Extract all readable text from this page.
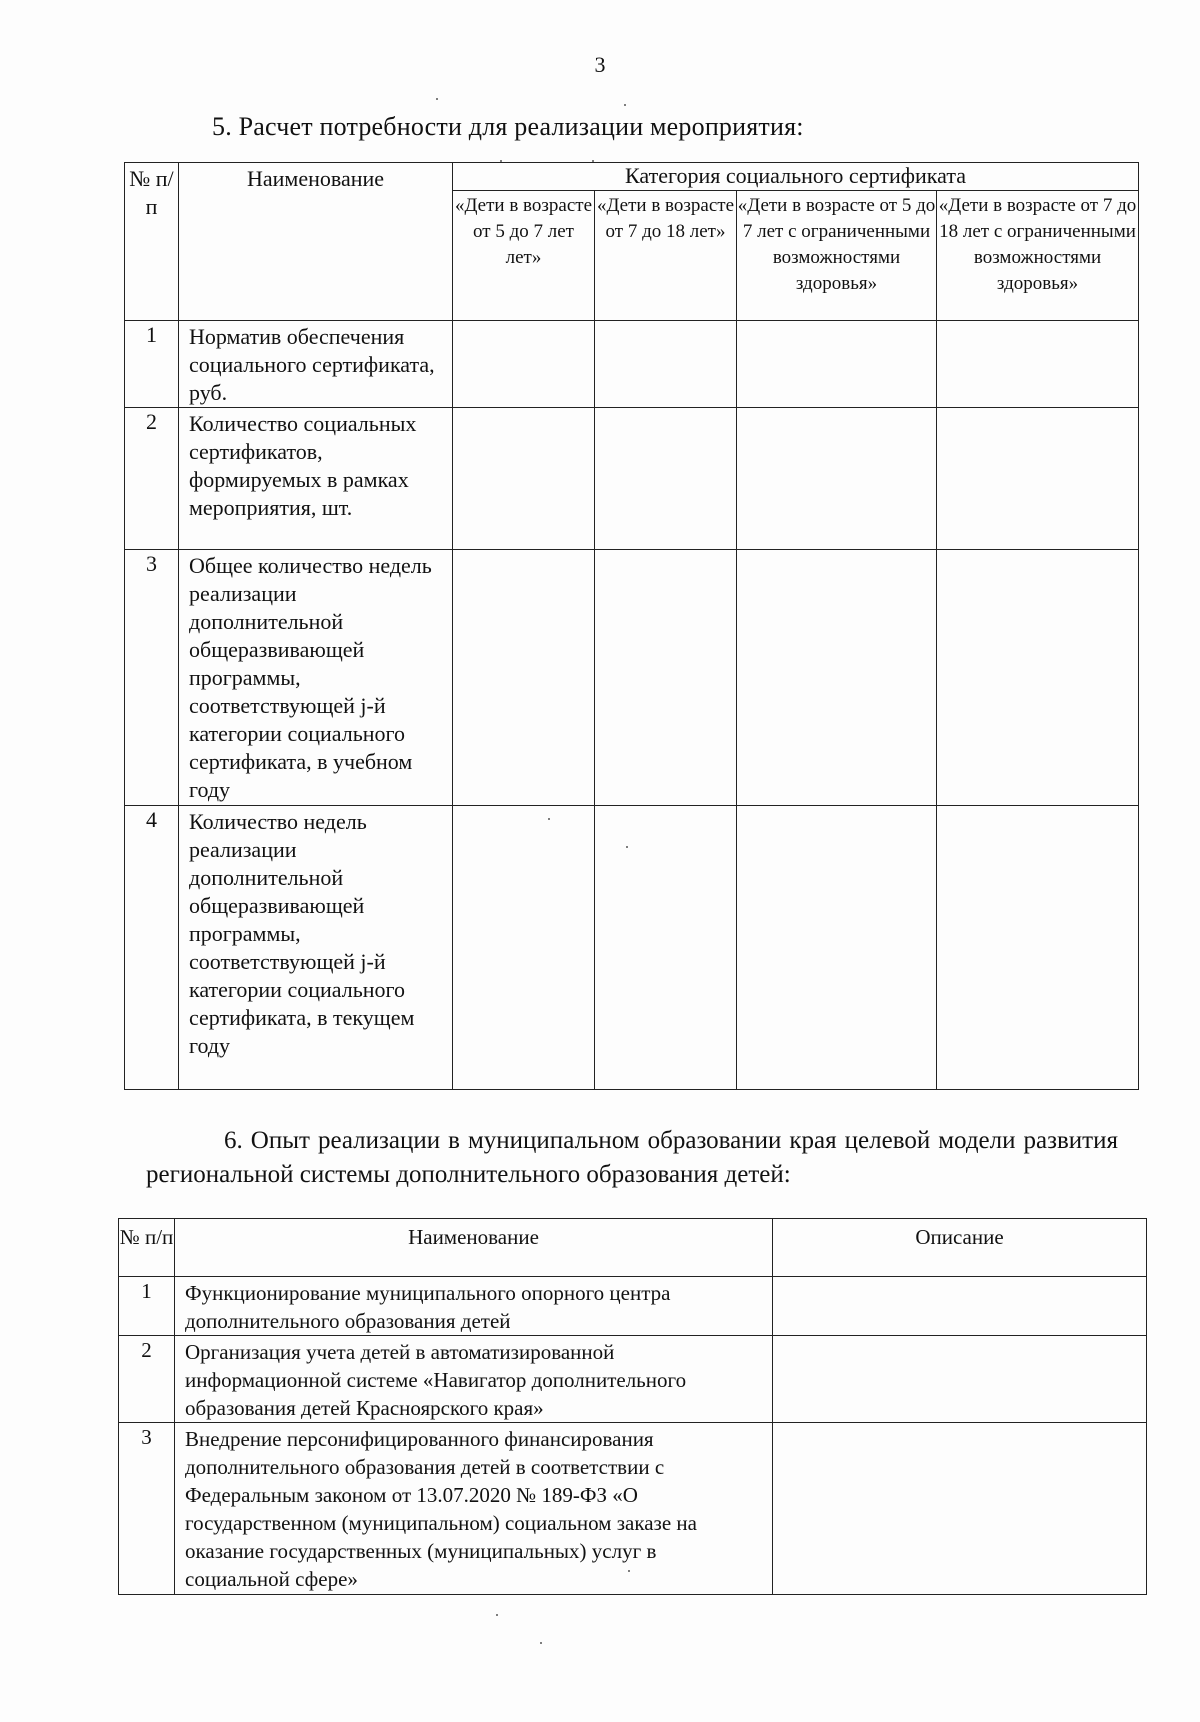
3
5. Расчет потребности для реализации мероприятия:
№ п/п	Наименование	Категория социального сертификата			
		«Дети в возрасте от 5 до 7 лет лет»	«Дети в возрасте от 7 до 18 лет»	«Дети в возрасте от 5 до 7 лет с ограниченными возможностями здоровья»	«Дети в возрасте от 7 до 18 лет с ограниченными возможностями здоровья»
1	Норматив обеспечения социального сертификата, руб.				
2	Количество социальных сертификатов, формируемых в рамках мероприятия, шт.				
3	Общее количество недель реализации дополнительной общеразвивающей программы, соответствующей j-й категории социального сертификата, в учебном году				
4	Количество недель реализации дополнительной общеразвивающей программы, соответствующей j-й категории социального сертификата, в текущем году				
6. Опыт реализации в муниципальном образовании края целевой модели развития региональной системы дополнительного образования детей:
№ п/п	Наименование	Описание
1	Функционирование муниципального опорного центра дополнительного образования детей	
2	Организация учета детей в автоматизированной информационной системе «Навигатор дополнительного образования детей Красноярского края»	
3	Внедрение персонифицированного финансирования дополнительного образования детей в соответствии с Федеральным законом от 13.07.2020 № 189-ФЗ «О государственном (муниципальном) социальном заказе на оказание государственных (муниципальных) услуг в социальной сфере»	
